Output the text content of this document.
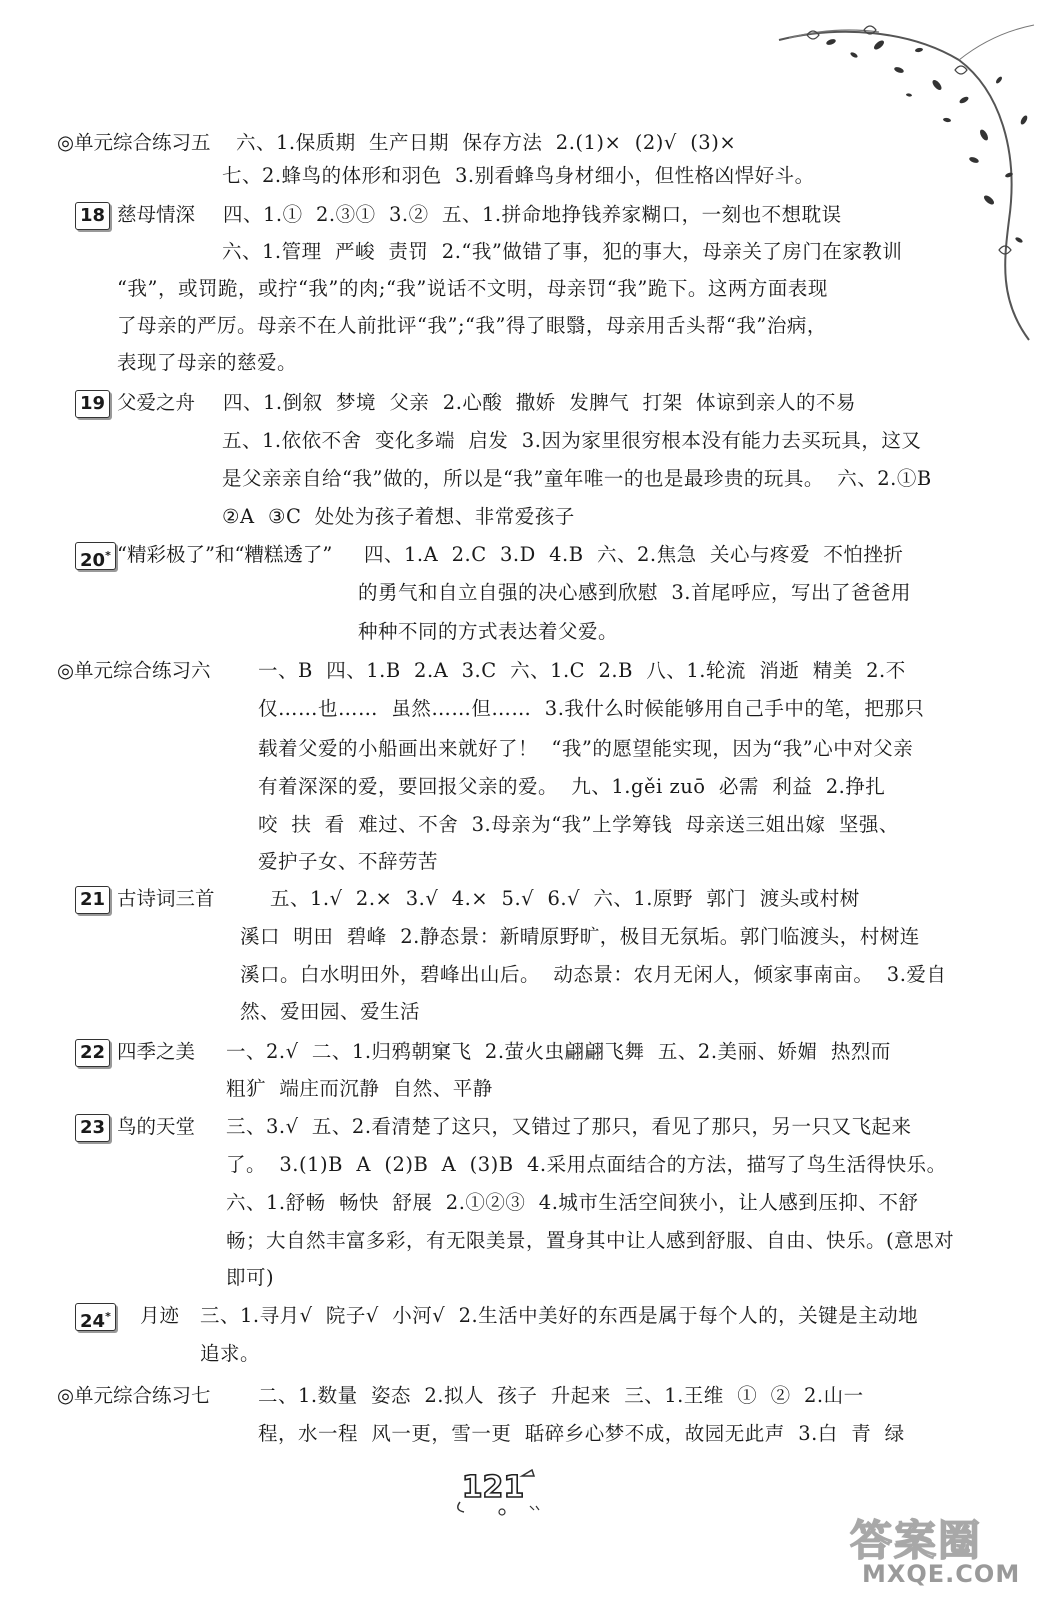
◎单元综合练习五 六、1.保质期  生产日期  保存方法  2.(1)×  (2)√  (3)×
七、2.蜂鸟的体形和羽色  3.别看蜂鸟身材细小，但性格凶悍好斗。
18 慈母情深 四、1.①  2.③①  3.②  五、1.拼命地挣钱养家糊口，一刻也不想耽误
六、1.管理  严峻  责罚  2.“我”做错了事，犯的事大，母亲关了房门在家教训
“我”，或罚跪，或拧“我”的肉;“我”说话不文明，母亲罚“我”跪下。这两方面表现
了母亲的严厉。母亲不在人前批评“我”;“我”得了眼翳，母亲用舌头帮“我”治病，
表现了母亲的慈爱。
19 父爱之舟 四、1.倒叙  梦境  父亲  2.心酸  撒娇  发脾气  打架  体谅到亲人的不易
五、1.依依不舍  变化多端  启发  3.因为家里很穷根本没有能力去买玩具，这又
是父亲亲自给“我”做的，所以是“我”童年唯一的也是最珍贵的玩具。  六、2.①B
②A  ③C  处处为孩子着想、非常爱孩子
20* “精彩极了”和“糟糕透了” 四、1.A  2.C  3.D  4.B  六、2.焦急  关心与疼爱  不怕挫折
的勇气和自立自强的决心感到欣慰  3.首尾呼应，写出了爸爸用
种种不同的方式表达着父爱。
◎单元综合练习六 一、B  四、1.B  2.A  3.C  六、1.C  2.B  八、1.轮流  消逝  精美  2.不
仅……也……  虽然……但……  3.我什么时候能够用自己手中的笔，把那只
载着父爱的小船画出来就好了！  “我”的愿望能实现，因为“我”心中对父亲
有着深深的爱，要回报父亲的爱。  九、1.gěi zuō  必需  利益  2.挣扎
咬  扶  看  难过、不舍  3.母亲为“我”上学筹钱  母亲送三姐出嫁  坚强、
爱护子女、不辞劳苦
21 古诗词三首	五、1.√  2.×  3.√  4.×  5.√  6.√  六、1.原野  郭门  渡头或村树
溪口  明田  碧峰  2.静态景：新晴原野旷，极目无氛垢。郭门临渡头，村树连
溪口。白水明田外，碧峰出山后。  动态景：农月无闲人，倾家事南亩。  3.爱自
然、爱田园、爱生活
22 四季之美 一、2.√  二、1.归鸦朝窠飞  2.萤火虫翩翩飞舞  五、2.美丽、娇媚  热烈而
粗犷  端庄而沉静  自然、平静
23 鸟的天堂 三、3.√  五、2.看清楚了这只，又错过了那只，看见了那只，另一只又飞起来
了。  3.(1)B  A  (2)B  A  (3)B  4.采用点面结合的方法，描写了鸟生活得快乐。
六、1.舒畅  畅快  舒展  2.①②③  4.城市生活空间狭小，让人感到压抑、不舒
畅；大自然丰富多彩，有无限美景，置身其中让人感到舒服、自由、快乐。(意思对
即可)
24* 月迹 三、1.寻月√  院子√  小河√  2.生活中美好的东西是属于每个人的，关键是主动地
追求。
◎单元综合练习七 二、1.数量  姿态  2.拟人  孩子  升起来  三、1.王维  ①  ②  2.山一
程，水一程  风一更，雪一更  聒碎乡心梦不成，故园无此声  3.白  青  绿
121
答案圈
MXQE.COM
